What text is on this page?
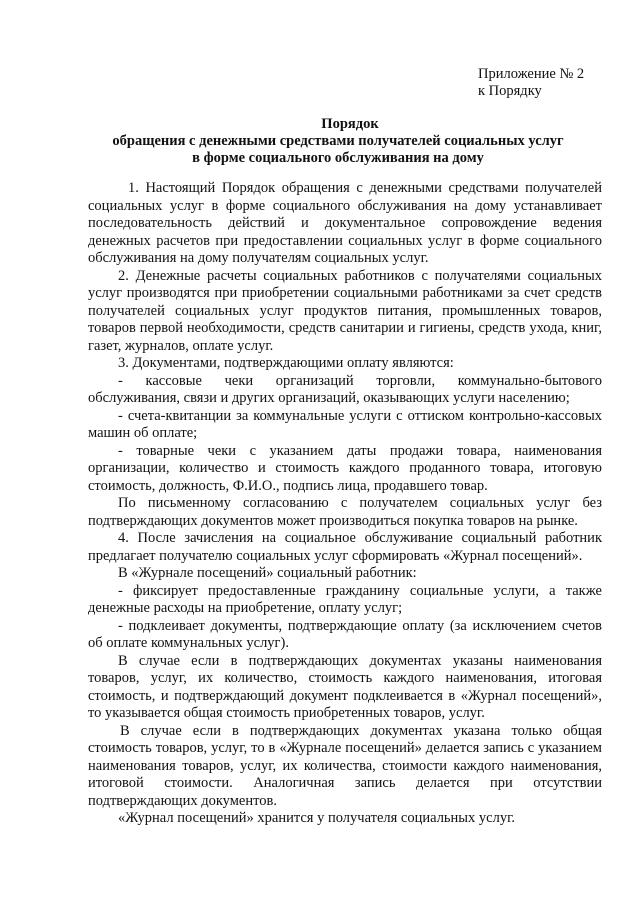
Приложение № 2
к Порядку
Порядок
обращения с денежными средствами получателей социальных услуг
в форме социального обслуживания на дому

1. Настоящий Порядок обращения с денежными средствами получателей социальных услуг в форме социального обслуживания на дому устанавливает последовательность действий и документальное сопровождение ведения денежных расчетов при предоставлении социальных услуг в форме социального обслуживания на дому получателям социальных услуг.

2. Денежные расчеты социальных работников с получателями социальных услуг производятся при приобретении социальными работниками за счет средств получателей социальных услуг продуктов питания, промышленных товаров, товаров первой необходимости, средств санитарии и гигиены, средств ухода, книг, газет, журналов, оплате услуг.

3. Документами, подтверждающими оплату являются:

- кассовые чеки организаций торговли, коммунально-бытового обслуживания, связи и других организаций, оказывающих услуги населению;

- счета-квитанции за коммунальные услуги с оттиском контрольно-кассовых машин об оплате;

- товарные чеки с указанием даты продажи товара, наименования организации, количество и стоимость каждого проданного товара, итоговую стоимость, должность, Ф.И.О., подпись лица, продавшего товар.

По письменному согласованию с получателем социальных услуг без подтверждающих документов может производиться покупка товаров на рынке.

4. После зачисления на социальное обслуживание социальный работник предлагает получателю социальных услуг сформировать «Журнал посещений».

В «Журнале посещений» социальный работник:

- фиксирует предоставленные гражданину социальные услуги, а также денежные расходы на приобретение, оплату услуг;

- подклеивает документы, подтверждающие оплату (за исключением счетов об оплате коммунальных услуг).

В случае если в подтверждающих документах указаны наименования товаров, услуг, их количество, стоимость каждого наименования, итоговая стоимость, и подтверждающий документ подклеивается в «Журнал посещений», то указывается общая стоимость приобретенных товаров, услуг.

В случае если в подтверждающих документах указана только общая стоимость товаров, услуг, то в «Журнале посещений» делается запись с указанием наименования товаров, услуг, их количества, стоимости каждого наименования, итоговой стоимости. Аналогичная запись делается при отсутствии подтверждающих документов.

«Журнал посещений» хранится у получателя социальных услуг.
